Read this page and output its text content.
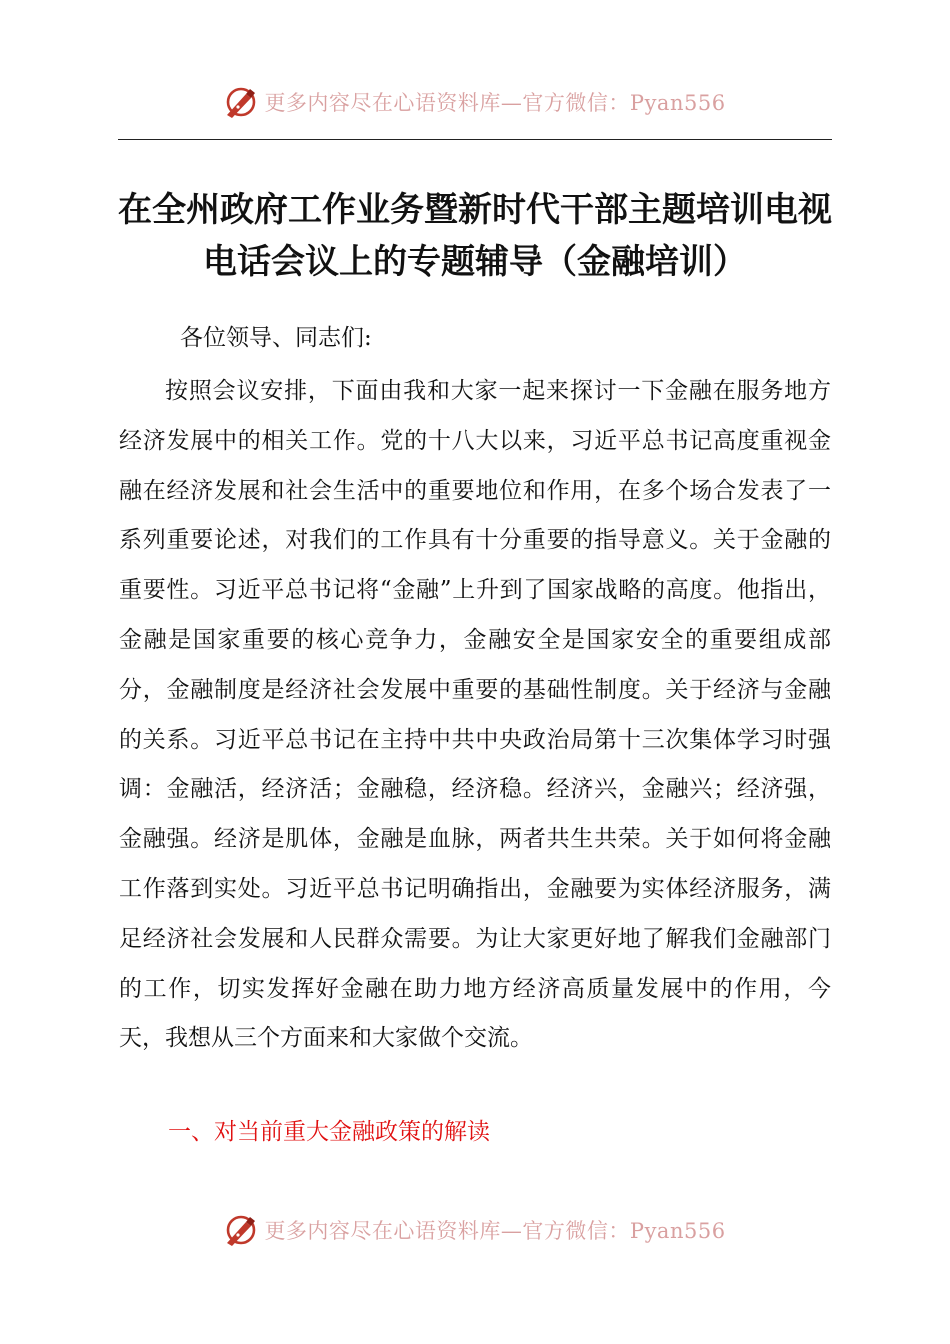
更多内容尽在心语资料库—官方微信：Pyan556
在全州政府工作业务暨新时代干部主题培训电视电话会议上的专题辅导（金融培训）

各位领导、同志们:

按照会议安排，下面由我和大家一起来探讨一下金融在服务地方经济发展中的相关工作。党的十八大以来，习近平总书记高度重视金融在经济发展和社会生活中的重要地位和作用，在多个场合发表了一系列重要论述，对我们的工作具有十分重要的指导意义。关于金融的重要性。习近平总书记将“金融”上升到了国家战略的高度。他指出，金融是国家重要的核心竞争力，金融安全是国家安全的重要组成部分，金融制度是经济社会发展中重要的基础性制度。关于经济与金融的关系。习近平总书记在主持中共中央政治局第十三次集体学习时强调：金融活，经济活；金融稳，经济稳。经济兴，金融兴；经济强，金融强。经济是肌体，金融是血脉，两者共生共荣。关于如何将金融工作落到实处。习近平总书记明确指出，金融要为实体经济服务，满足经济社会发展和人民群众需要。为让大家更好地了解我们金融部门的工作，切实发挥好金融在助力地方经济高质量发展中的作用，今天，我想从三个方面来和大家做个交流。

一、对当前重大金融政策的解读

更多内容尽在心语资料库—官方微信：Pyan556
